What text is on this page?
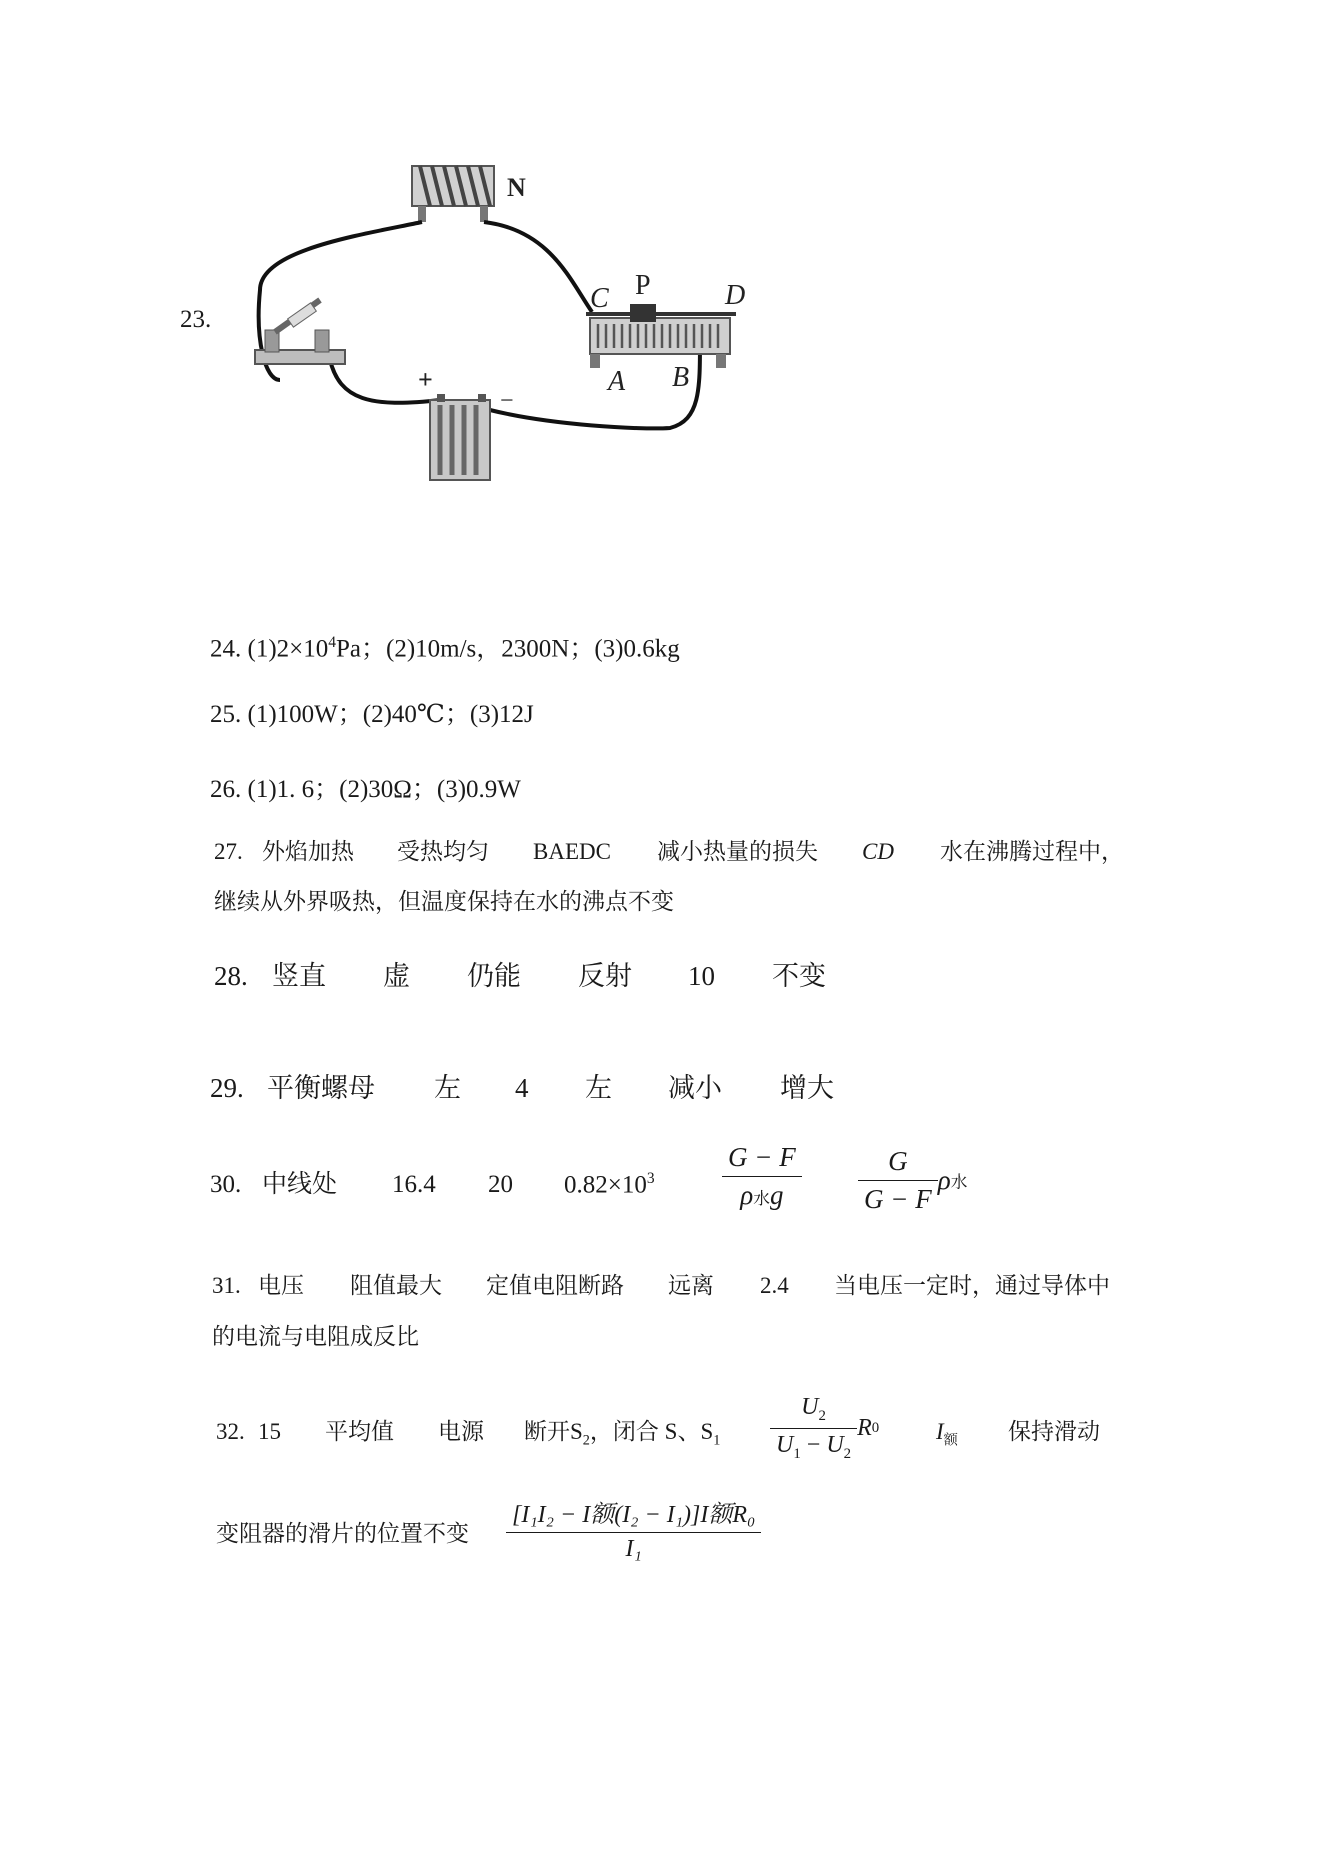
23.
N
+
−
C P	D
A B
24. $(1)2\times 10^4Pa$；(2)10m/s，2300N；(3)0.6kg
25. (1)100W；(2)40℃；(3)12J
26. (1)1. 6；(2)30Ω；(3)0.9W
27. 外焰加热 受热均匀 BAEDC 减小热量的损失 CD 水在沸腾过程中，
继续从外界吸热，但温度保持在水的沸点不变
28. 竖直 虚 仍能 反射 10 不变
29. 平衡螺母 左 4 左 减小 增大
30. 中线处 16.4 20 $0.82\times 10^3 \frac{G - F}{\text{ρ水g}} \frac{G}{G - F}$ ρ水
31. 电压 阻值最大 定值电阻断路 远离 2.4 当电压一定时，通过导体中
的电流与电阻成反比
32. 15 平均值 电源 断开$S_2$，闭合 S、$S_1 \frac{U_2}{U_1 - U_2} R0$ $I_额$ 保持滑动
变阻器的滑片的位置不变 $\frac{\text{[I₁I₂ − I额(I₂ − I₁)]I额R₀}}{\text{I₁}}$
